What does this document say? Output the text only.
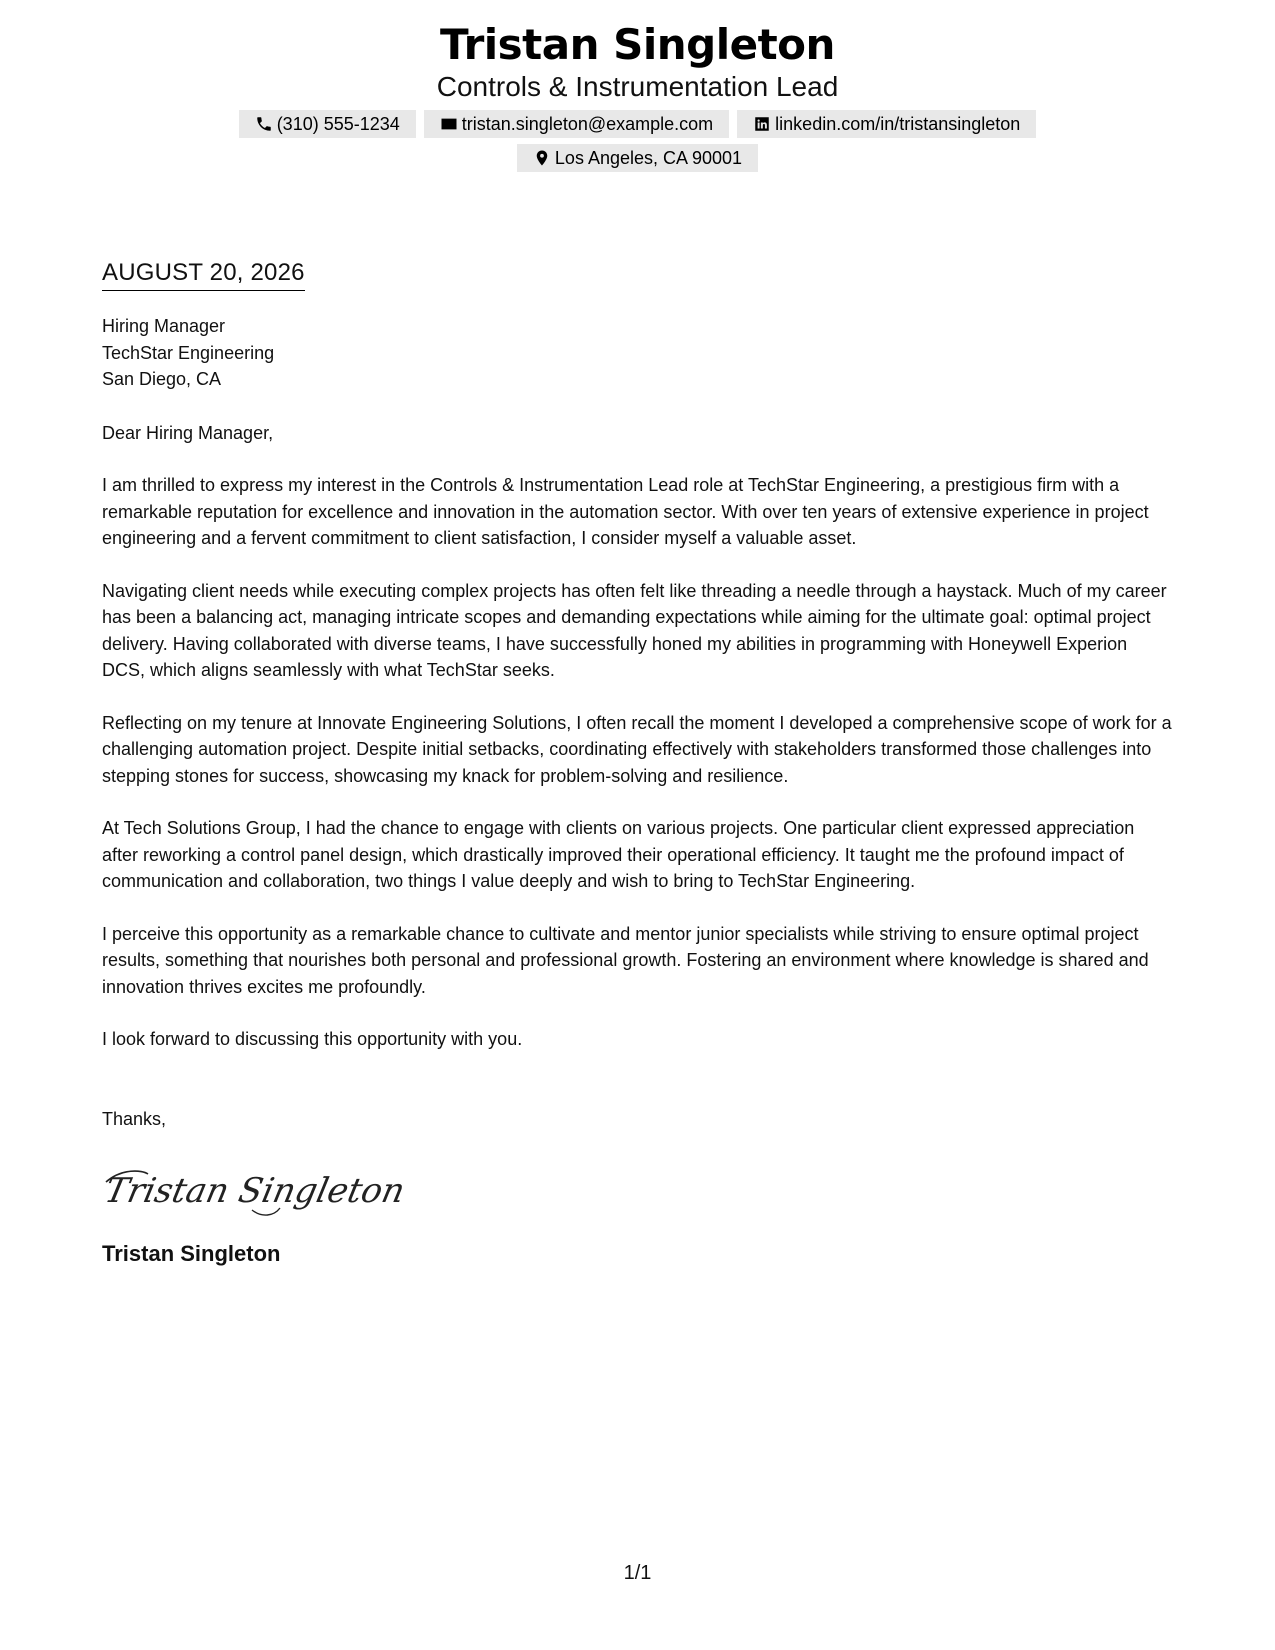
Tristan Singleton

Controls & Instrumentation Lead

(310) 555-1234	tristan.singleton@example.com	linkedin.com/in/tristansingleton
Los Angeles, CA 90001
AUGUST 20, 2026
Hiring Manager
TechStar Engineering
San Diego, CA
Dear Hiring Manager,

I am thrilled to express my interest in the Controls & Instrumentation Lead role at TechStar Engineering, a prestigious firm with a remarkable reputation for excellence and innovation in the automation sector. With over ten years of extensive experience in project engineering and a fervent commitment to client satisfaction, I consider myself a valuable asset.

Navigating client needs while executing complex projects has often felt like threading a needle through a haystack. Much of my career has been a balancing act, managing intricate scopes and demanding expectations while aiming for the ultimate goal: optimal project delivery. Having collaborated with diverse teams, I have successfully honed my abilities in programming with Honeywell Experion DCS, which aligns seamlessly with what TechStar seeks.

Reflecting on my tenure at Innovate Engineering Solutions, I often recall the moment I developed a comprehensive scope of work for a challenging automation project. Despite initial setbacks, coordinating effectively with stakeholders transformed those challenges into stepping stones for success, showcasing my knack for problem-solving and resilience.

At Tech Solutions Group, I had the chance to engage with clients on various projects. One particular client expressed appreciation after reworking a control panel design, which drastically improved their operational efficiency. It taught me the profound impact of communication and collaboration, two things I value deeply and wish to bring to TechStar Engineering.

I perceive this opportunity as a remarkable chance to cultivate and mentor junior specialists while striving to ensure optimal project results, something that nourishes both personal and professional growth. Fostering an environment where knowledge is shared and innovation thrives excites me profoundly.

I look forward to discussing this opportunity with you.

Thanks,
Tristan Singleton
Tristan Singleton
1/1
